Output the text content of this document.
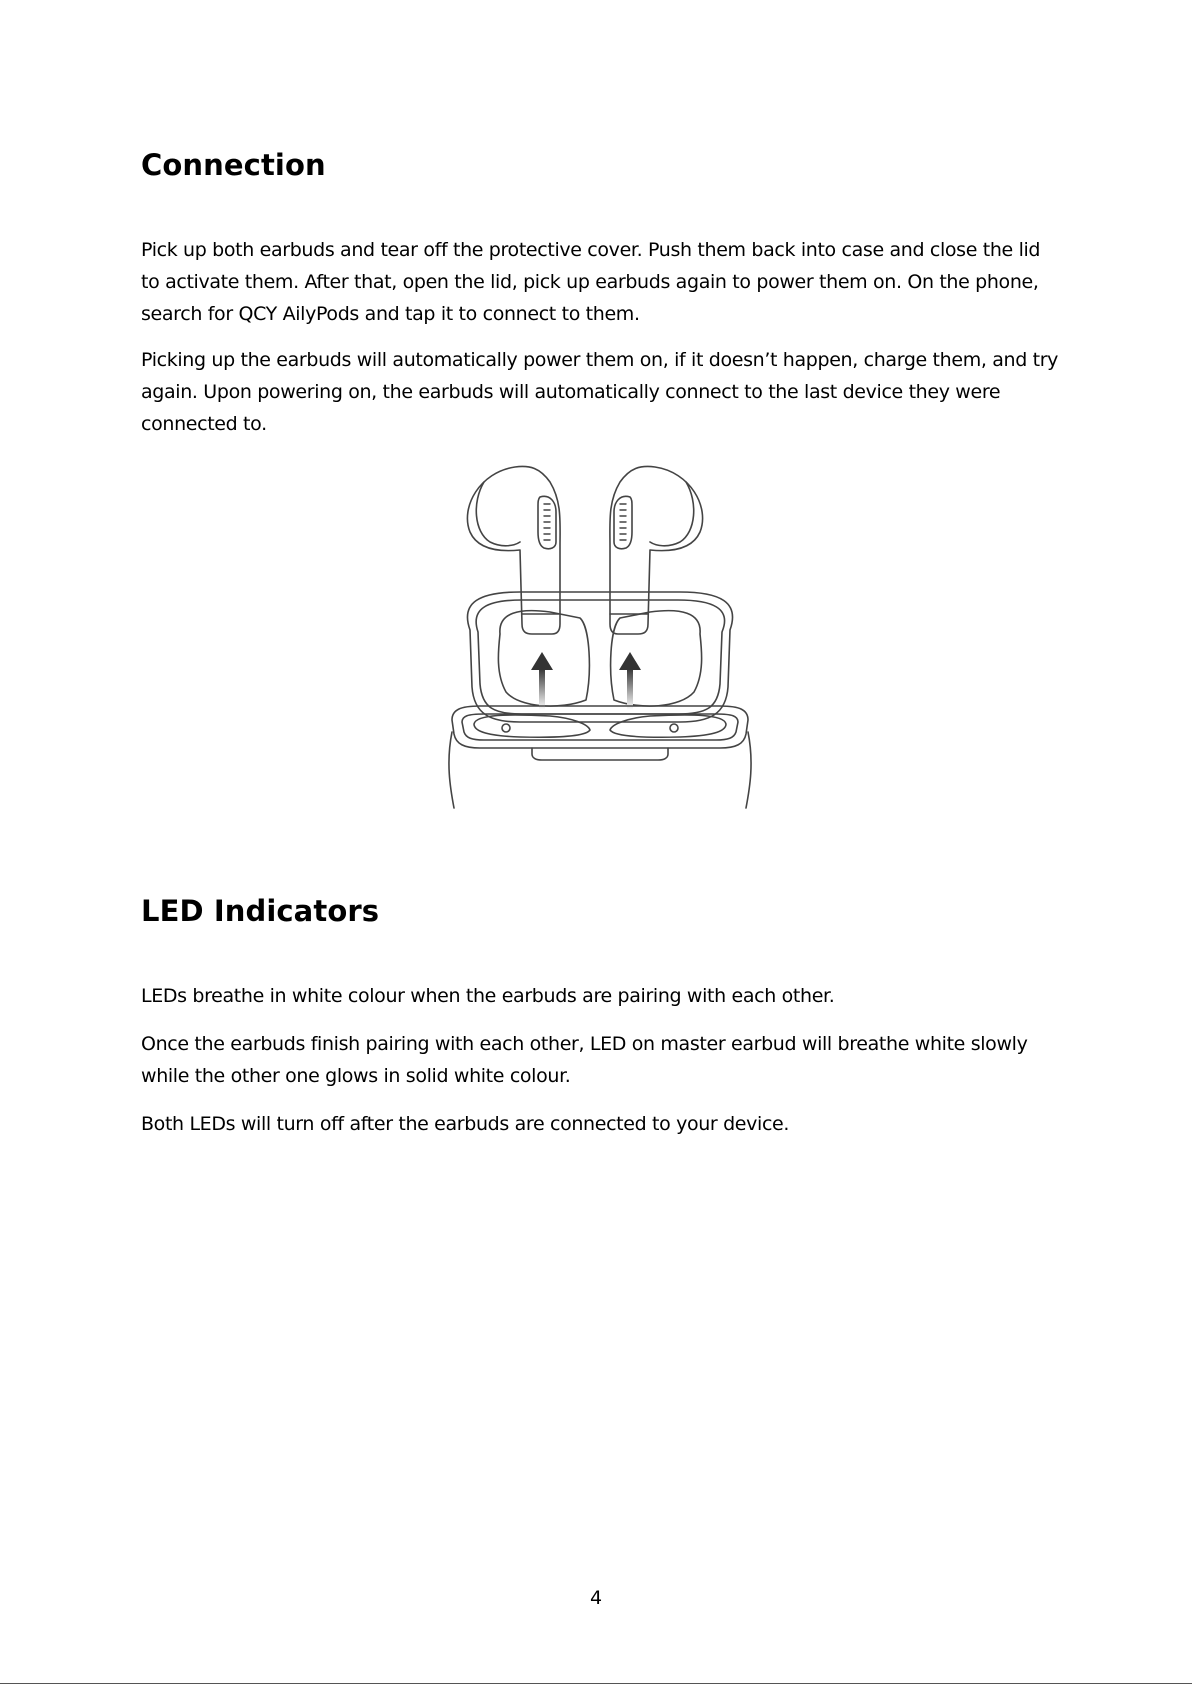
Connection

Pick up both earbuds and tear off the protective cover. Push them back into case and close the lid to activate them. After that, open the lid, pick up earbuds again to power them on. On the phone, search for QCY AilyPods and tap it to connect to them.

Picking up the earbuds will automatically power them on, if it doesn’t happen, charge them, and try again. Upon powering on, the earbuds will automatically connect to the last device they were connected to.

LED Indicators

LEDs breathe in white colour when the earbuds are pairing with each other.

Once the earbuds finish pairing with each other, LED on master earbud will breathe white slowly while the other one glows in solid white colour.

Both LEDs will turn off after the earbuds are connected to your device.

4
